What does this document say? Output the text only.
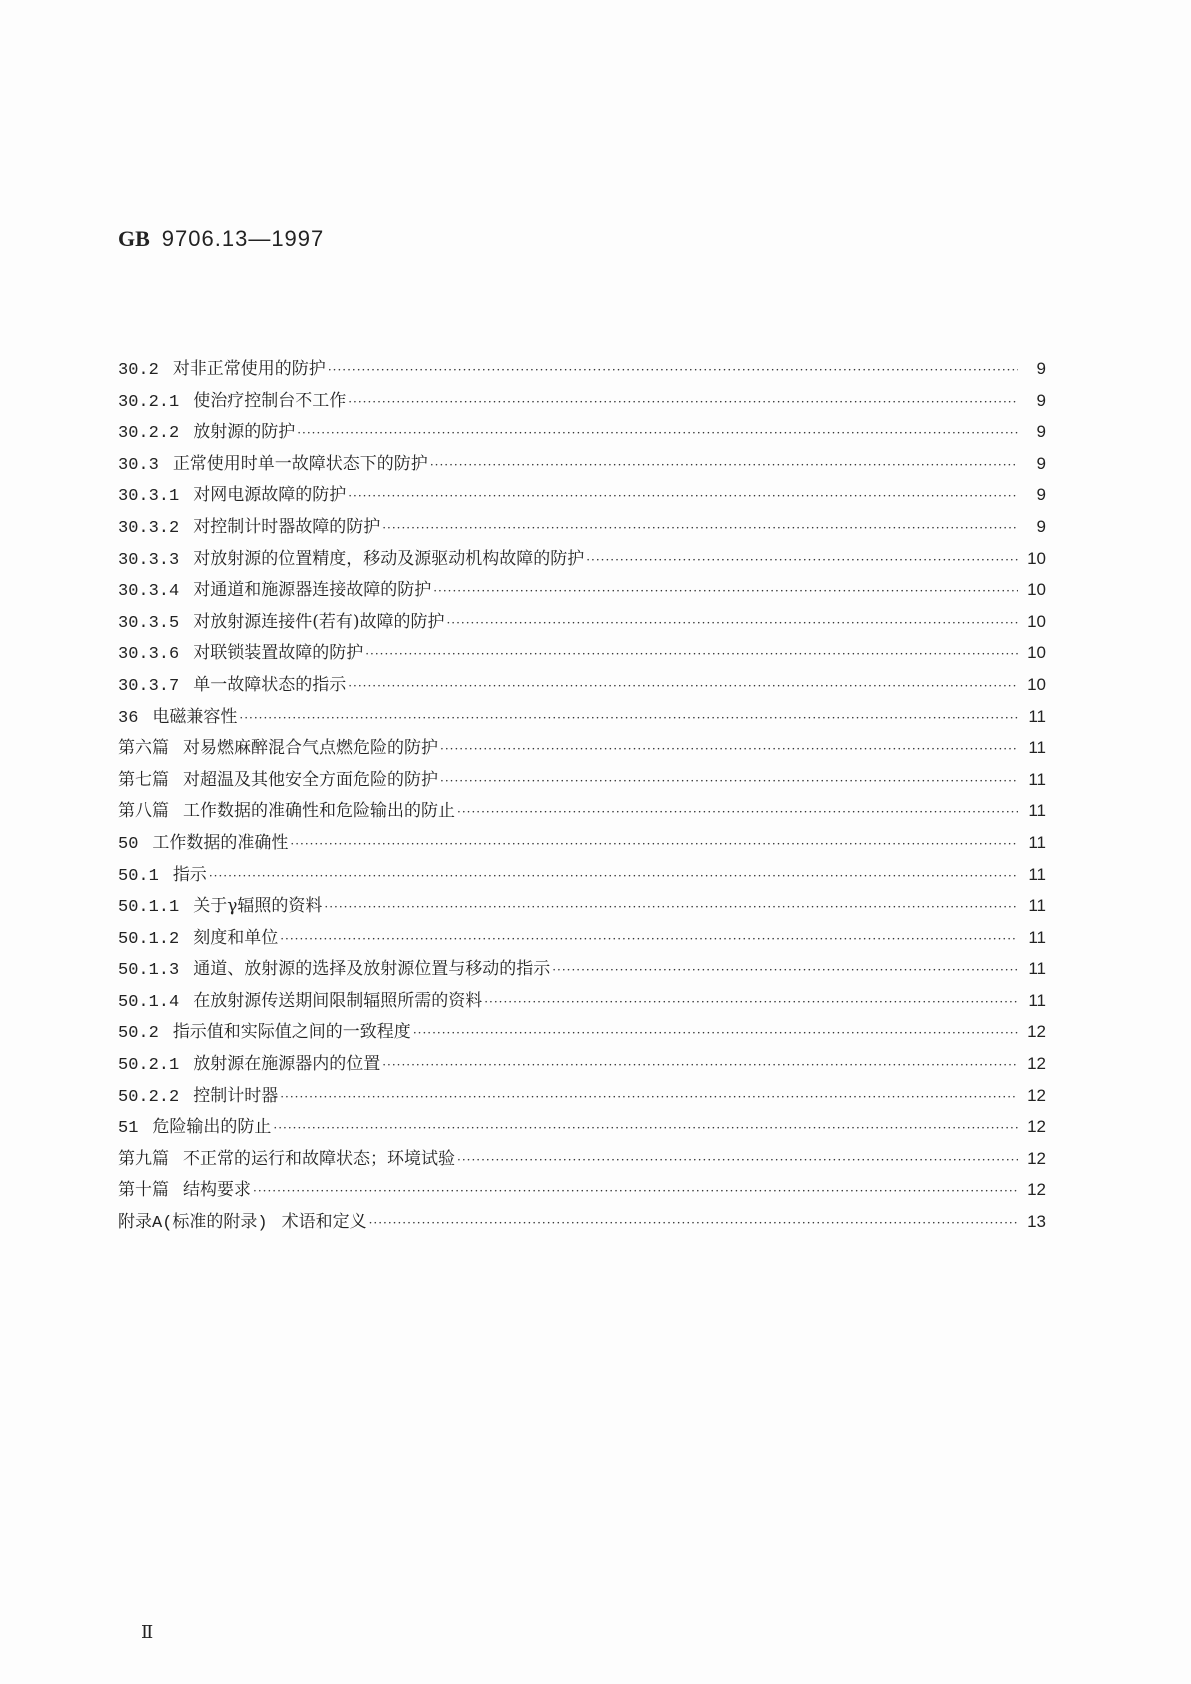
GB 9706.13—1997
30.2 对非正常使用的防护 ·····	9
30.2.1 使治疗控制台不工作 ·····	9
30.2.2 放射源的防护 ·····	9
30.3 正常使用时单一故障状态下的防护 ·····	9
30.3.1 对网电源故障的防护 ·····	9
30.3.2 对控制计时器故障的防护 ·····	9
30.3.3 对放射源的位置精度，移动及源驱动机构故障的防护 ·····	10
30.3.4 对通道和施源器连接故障的防护 ·····	10
30.3.5 对放射源连接件(若有)故障的防护 ·····	10
30.3.6 对联锁装置故障的防护 ·····	10
30.3.7 单一故障状态的指示 ·····	10
36 电磁兼容性 ·····	11
第六篇 对易燃麻醉混合气点燃危险的防护 ·····	11
第七篇 对超温及其他安全方面危险的防护 ·····	11
第八篇 工作数据的准确性和危险输出的防止 ·····	11
50 工作数据的准确性 ·····	11
50.1 指示 ·····	11
50.1.1 关于γ辐照的资料 ·····	11
50.1.2 刻度和单位 ·····	11
50.1.3 通道、放射源的选择及放射源位置与移动的指示 ·····	11
50.1.4 在放射源传送期间限制辐照所需的资料 ·····	11
50.2 指示值和实际值之间的一致程度 ·····	12
50.2.1 放射源在施源器内的位置 ·····	12
50.2.2 控制计时器 ·····	12
51 危险输出的防止 ·····	12
第九篇 不正常的运行和故障状态；环境试验 ·····	12
第十篇 结构要求 ·····	12
附录A(标准的附录) 术语和定义 ·····	13
Ⅱ
